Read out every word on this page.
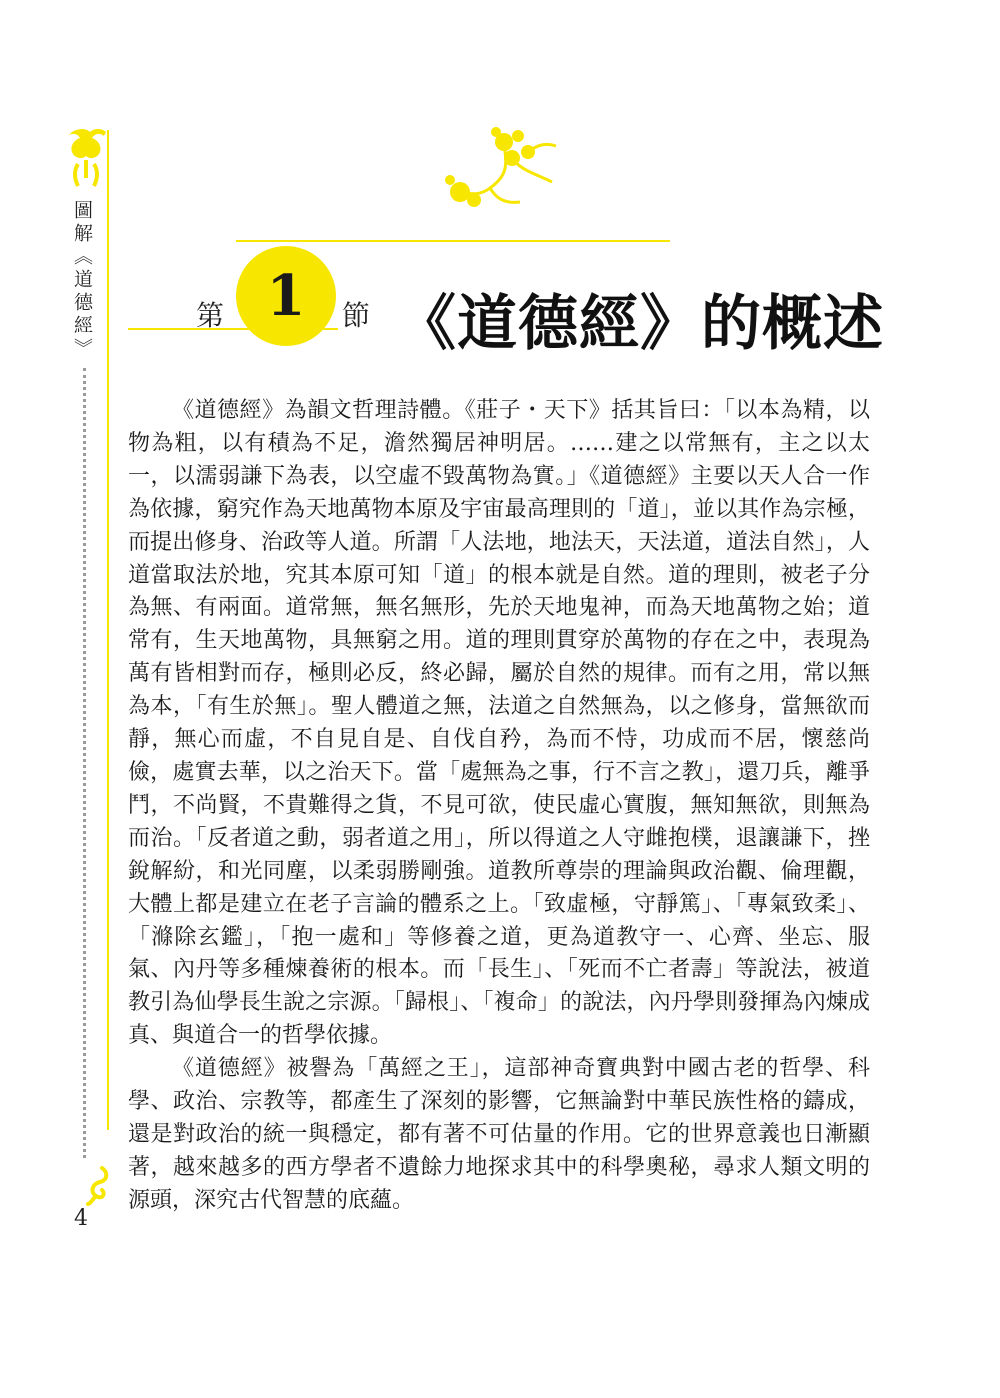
圖解《道德經》
4
第 1	節 《道德經》的概述

《道德經》為韻文哲理詩體。《莊子・天下》括其旨曰：「以本為精，以物為粗，以有積為不足，澹然獨居神明居。……建之以常無有，主之以太一，以濡弱謙下為表，以空虛不毀萬物為實。」《道德經》主要以天人合一作為依據，窮究作為天地萬物本原及宇宙最高理則的「道」，並以其作為宗極，而提出修身、治政等人道。所謂「人法地，地法天，天法道，道法自然」，人道當取法於地，究其本原可知「道」的根本就是自然。道的理則，被老子分為無、有兩面。道常無，無名無形，先於天地鬼神，而為天地萬物之始；道常有，生天地萬物，具無窮之用。道的理則貫穿於萬物的存在之中，表現為萬有皆相對而存，極則必反，終必歸，屬於自然的規律。而有之用，常以無為本，「有生於無」。聖人體道之無，法道之自然無為，以之修身，當無欲而靜，無心而虛，不自見自是、自伐自矜，為而不恃，功成而不居，懷慈尚儉，處實去華，以之治天下。當「處無為之事，行不言之教」，還刀兵，離爭鬥，不尚賢，不貴難得之貨，不見可欲，使民虛心實腹，無知無欲，則無為而治。「反者道之動，弱者道之用」，所以得道之人守雌抱樸，退讓謙下，挫銳解紛，和光同塵，以柔弱勝剛強。道教所尊崇的理論與政治觀、倫理觀，大體上都是建立在老子言論的體系之上。「致虛極，守靜篤」、「專氣致柔」、「滌除玄鑑」，「抱一處和」等修養之道，更為道教守一、心齊、坐忘、服氣、內丹等多種煉養術的根本。而「長生」、「死而不亡者壽」等說法，被道教引為仙學長生說之宗源。「歸根」、「複命」的說法，內丹學則發揮為內煉成真、與道合一的哲學依據。

《道德經》被譽為「萬經之王」，這部神奇寶典對中國古老的哲學、科學、政治、宗教等，都產生了深刻的影響，它無論對中華民族性格的鑄成，還是對政治的統一與穩定，都有著不可估量的作用。它的世界意義也日漸顯著，越來越多的西方學者不遺餘力地探求其中的科學奧秘，尋求人類文明的源頭，深究古代智慧的底蘊。
